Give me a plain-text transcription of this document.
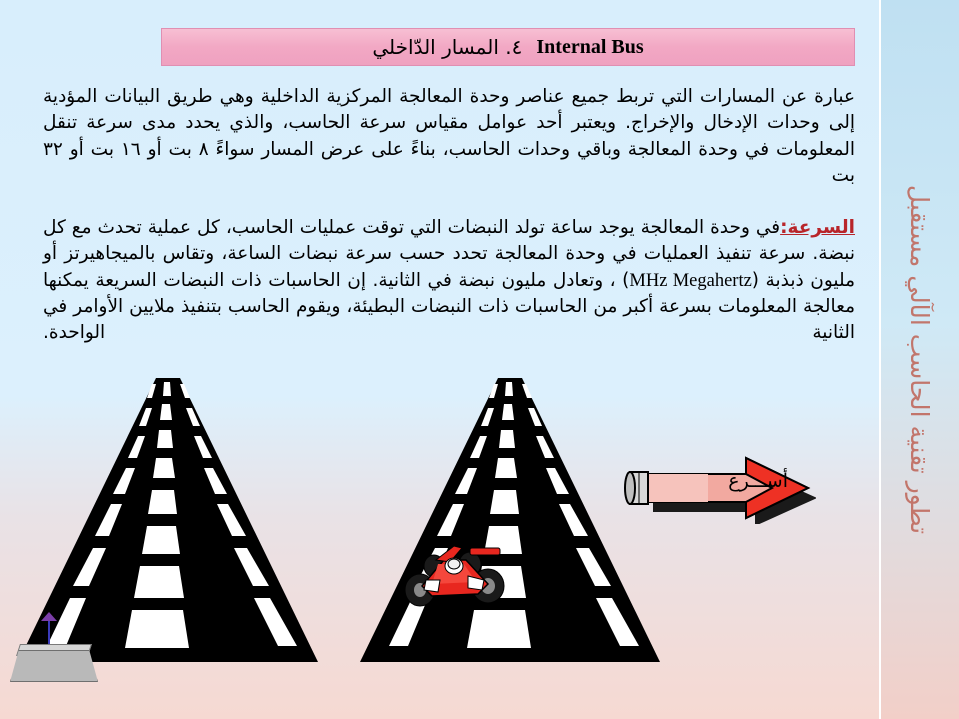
تطور تقنية الحاسب الآلي مستقبل
Internal Bus
٤. المسار الدّاخلي
عبارة عن المسارات التي تربط جميع عناصر وحدة المعالجة المركزية الداخلية وهي طريق البيانات المؤدية إلى وحدات الإدخال والإخراج. ويعتبر أحد عوامل مقياس سرعة الحاسب، والذي يحدد مدى سرعة تنقل المعلومات في وحدة المعالجة وباقي وحدات الحاسب، بناءً على عرض المسار سواءً ٨ بت أو ١٦ بت أو ٣٢ بت
السرعة:في وحدة المعالجة يوجد ساعة تولد النبضات التي توقت عمليات الحاسب، كل عملية تحدث مع كل نبضة. سرعة تنفيذ العمليات في وحدة المعالجة تحدد حسب سرعة نبضات الساعة، وتقاس بالميجاهيرتز أو مليون ذبذبة (MHz Megahertz) ، وتعادل مليون نبضة في الثانية. إن الحاسبات ذات النبضات السريعة يمكنها معالجة المعلومات بسرعة أكبر من الحاسبات ذات النبضات البطيئة، ويقوم الحاسب بتنفيذ ملايين الأوامر في الثانية الواحدة.
أســـرع
